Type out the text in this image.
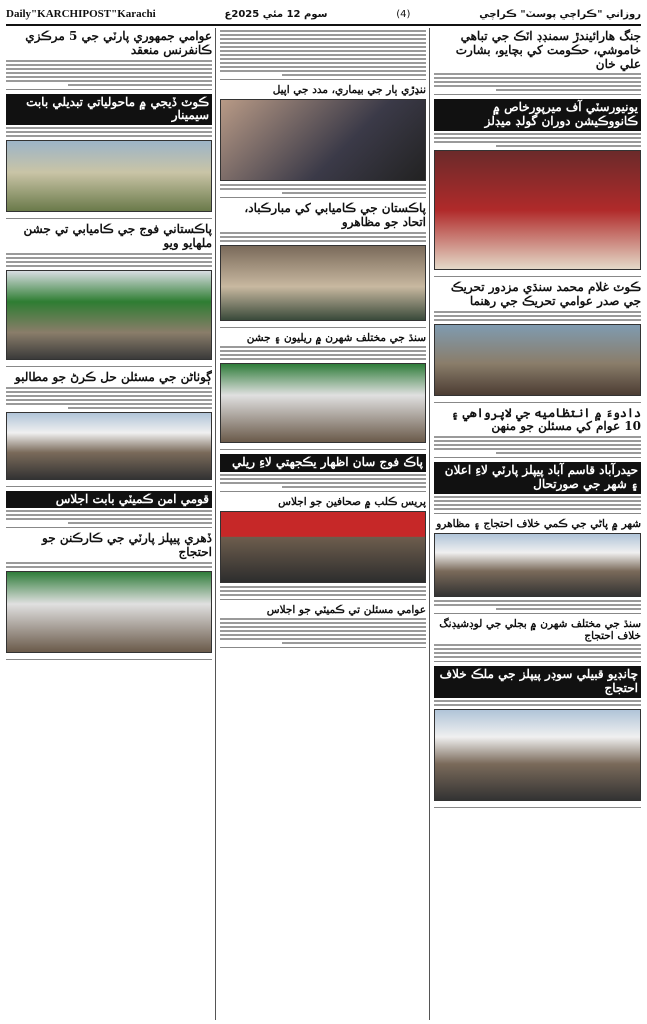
Daily"KARCHIPOST"Karachi	سوم 12 مئي 2025ع	(4)	روزاني "ڪراچي پوسٽ" ڪراچي
جنگ هارائيندڙ سمنڊڊ اٽڪ جي تباهي خاموشي، حڪومت کي بچايو، بشارت علي خان
يونيورسٽي آف ميرپورخاص ۾ ڪانووڪيشن دوران گولڊ ميڊلز
ڪوٽ غلام محمد سنڌي مزدور تحريڪ جي صدر عوامي تحريڪ جي رهنما
دادوءَ ۾ انتظاميه جي لاپرواهي ۽ 10 عوام کي مسئلن جو منهن
حيدرآباد قاسم آباد پيپلز پارٽي لاءِ اعلان ۽ شهر جي صورتحال
شهر ۾ پاڻي جي ڪمي خلاف احتجاج ۽ مظاهرو
سنڌ جي مختلف شهرن ۾ بجلي جي لوڊشيڊنگ خلاف احتجاج
چانڊيو قبيلي سوڊر پيپلز جي ملڪ خلاف احتجاج
ننڍڙي ٻار جي بيماري، مدد جي اپيل
پاڪستان جي ڪاميابي کي مبارڪباد، اتحاد جو مظاهرو
سنڌ جي مختلف شهرن ۾ ريليون ۽ جشن
پاڪ فوج سان اظهار يڪجهتي لاءِ ريلي
پريس ڪلب ۾ صحافين جو اجلاس
عوامي مسئلن تي ڪميٽي جو اجلاس
عوامي جمهوري پارٽي جي 5 مرڪزي ڪانفرنس منعقد
ڪوٽ ڏيجي ۾ ماحولياتي تبديلي بابت سيمينار
پاڪستاني فوج جي ڪاميابي تي جشن ملهايو ويو
ڳوٺاڻن جي مسئلن حل ڪرڻ جو مطالبو
قومي امن ڪميٽي بابت اجلاس
ڏهري پيپلز پارٽي جي ڪارڪنن جو احتجاج
